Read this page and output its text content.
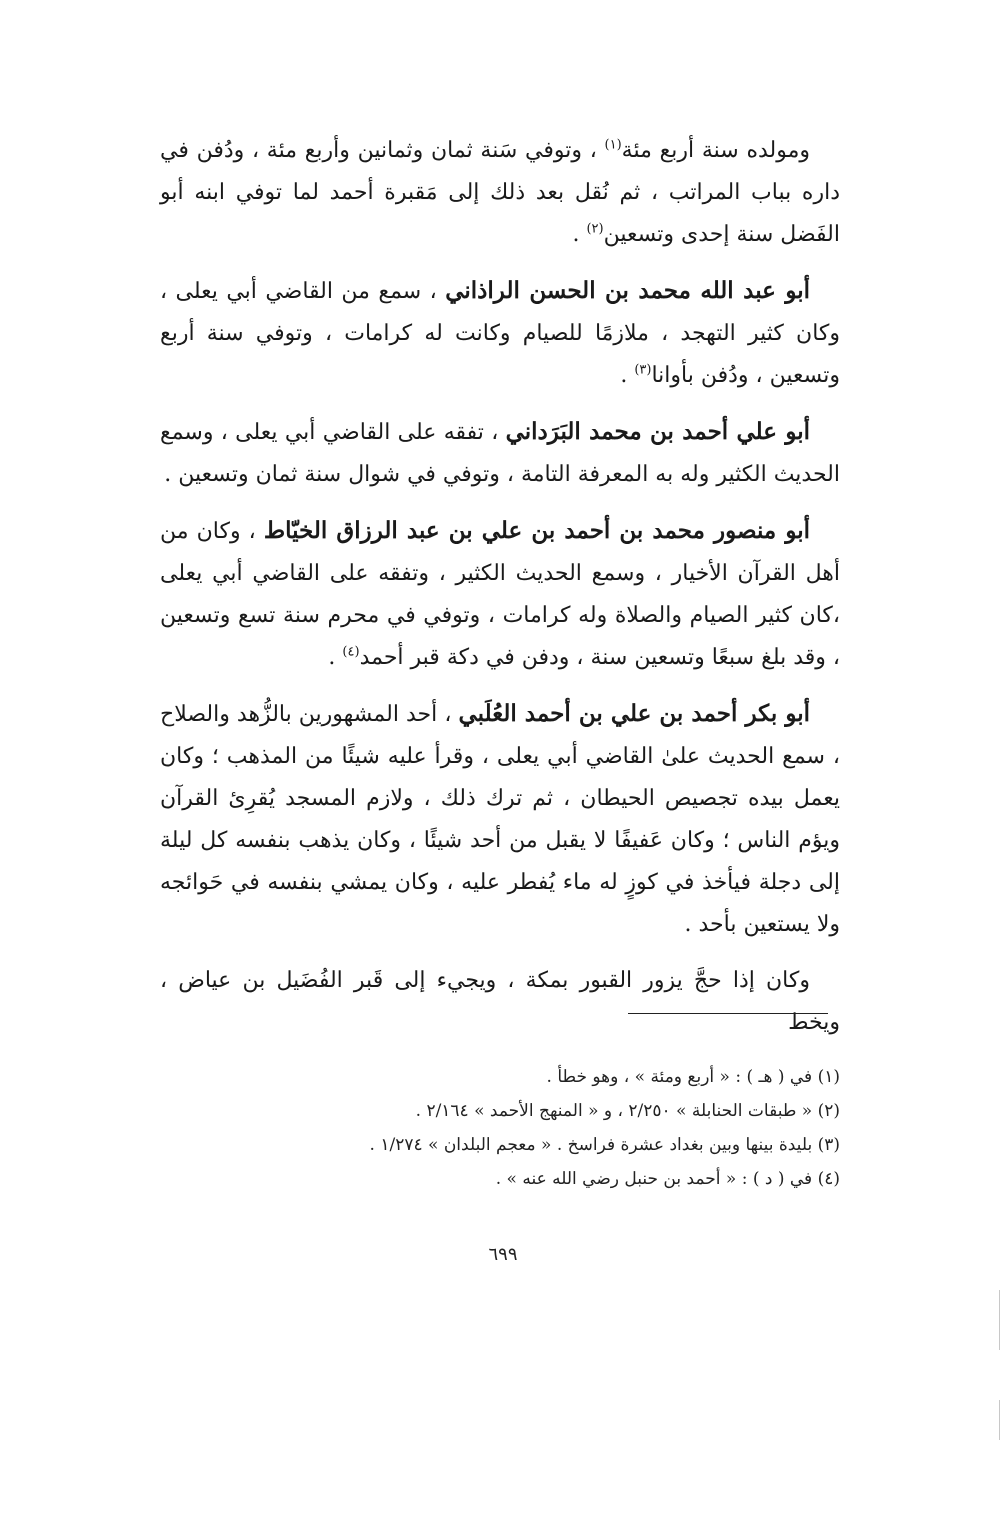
ومولده سنة أربع مئة$^{(١)}$ ، وتوفي سَنة ثمان وثمانين وأربع مئة ، ودُفن في داره بباب المراتب ، ثم نُقل بعد ذلك إلى مَقبرة أحمد لما توفي ابنه أبو الفَضل سنة إحدى وتسعين$^{(٢)}$ .

أبو عبد الله محمد بن الحسن الراذاني ، سمع من القاضي أبي يعلى ، وكان كثير التهجد ، ملازمًا للصيام وكانت له كرامات ، وتوفي سنة أربع وتسعين ، ودُفن بأوانا$^{(٣)}$ .

أبو علي أحمد بن محمد البَرَداني ، تفقه على القاضي أبي يعلى ، وسمع الحديث الكثير وله به المعرفة التامة ، وتوفي في شوال سنة ثمان وتسعين .

أبو منصور محمد بن أحمد بن علي بن عبد الرزاق الخيّاط ، وكان من أهل القرآن الأخيار ، وسمع الحديث الكثير ، وتفقه على القاضي أبي يعلى ،كان كثير الصيام والصلاة وله كرامات ، وتوفي في محرم سنة تسع وتسعين ، وقد بلغ سبعًا وتسعين سنة ، ودفن في دكة قبر أحمد$^{(٤)}$ .

أبو بكر أحمد بن علي بن أحمد العُلَبي ، أحد المشهورين بالزُّهد والصلاح ، سمع الحديث علىٰ القاضي أبي يعلى ، وقرأ عليه شيئًا من المذهب ؛ وكان يعمل بيده تجصيص الحيطان ، ثم ترك ذلك ، ولازم المسجد يُقرِئ القرآن ويؤم الناس ؛ وكان عَفيفًا لا يقبل من أحد شيئًا ، وكان يذهب بنفسه كل ليلة إلى دجلة فيأخذ في كوزٍ له ماء يُفطر عليه ، وكان يمشي بنفسه في حَوائجه ولا يستعين بأحد .

وكان إذا حجَّ يزور القبور بمكة ، ويجيء إلى قَبر الفُضَيل بن عياض ، ويخط

(١) في ( هـ ) : « أربع ومئة » ، وهو خطأ .

(٢) « طبقات الحنابلة » ٢/٢٥٠ ، و « المنهج الأحمد » ٢/١٦٤ .

(٣) بليدة بينها وبين بغداد عشرة فراسخ . « معجم البلدان » ١/٢٧٤ .

(٤) في ( د ) : « أحمد بن حنبل رضي الله عنه » .

٦٩٩
